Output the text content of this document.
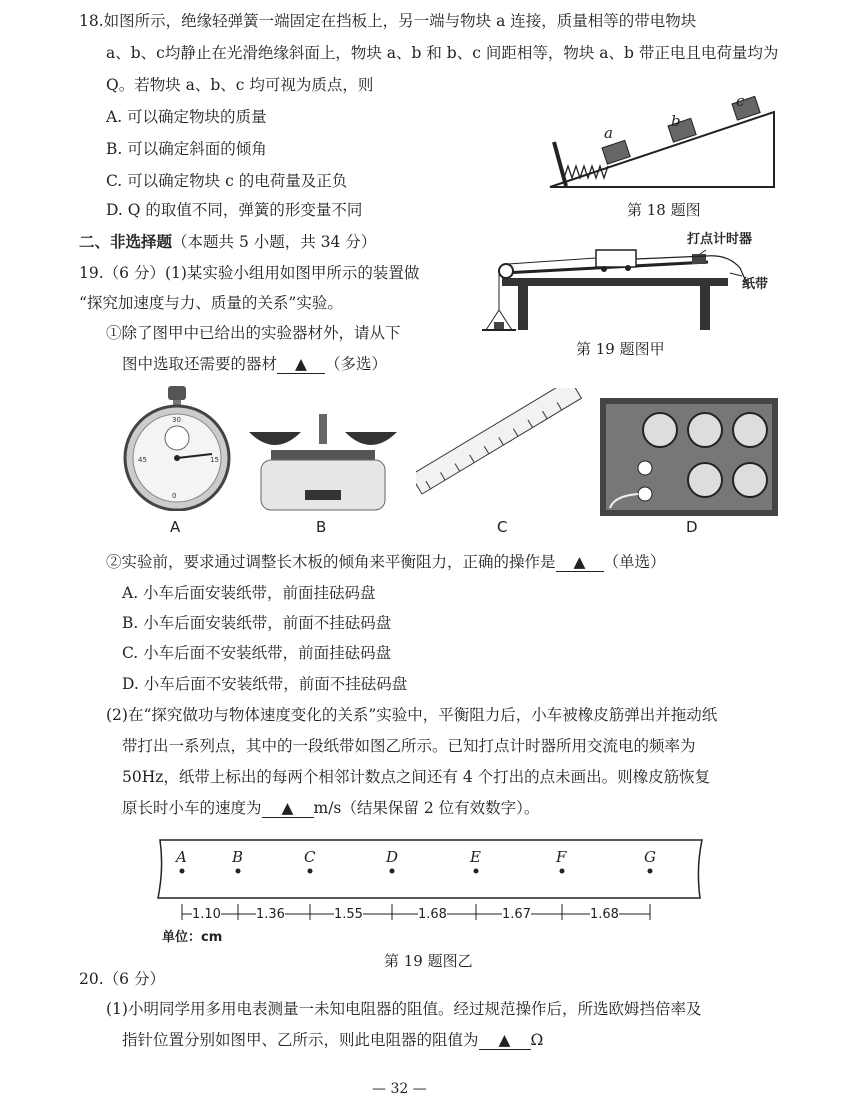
18.如图所示，绝缘轻弹簧一端固定在挡板上，另一端与物块 a 连接，质量相等的带电物块
a、b、c均静止在光滑绝缘斜面上，物块 a、b 和 b、c 间距相等，物块 a、b 带正电且电荷量均为
Q。若物块 a、b、c 均可视为质点，则
A. 可以确定物块的质量
B. 可以确定斜面的倾角
C. 可以确定物块 c 的电荷量及正负
D. Q 的取值不同，弹簧的形变量不同
a
b
c
第 18 题图
二、非选择题（本题共 5 小题，共 34 分）
19.（6 分）(1)某实验小组用如图甲所示的装置做
“探究加速度与力、质量的关系”实验。
①除了图甲中已给出的实验器材外，请从下
图中选取还需要的器材 ▲ （多选）
打点计时器
纸带
第 19 题图甲
30
15
45
0
A	B	C	D
②实验前，要求通过调整长木板的倾角来平衡阻力，正确的操作是 ▲ （单选）
A. 小车后面安装纸带，前面挂砝码盘
B. 小车后面安装纸带，前面不挂砝码盘
C. 小车后面不安装纸带，前面挂砝码盘
D. 小车后面不安装纸带，前面不挂砝码盘
(2)在“探究做功与物体速度变化的关系”实验中，平衡阻力后，小车被橡皮筋弹出并拖动纸
带打出一系列点，其中的一段纸带如图乙所示。已知打点计时器所用交流电的频率为
50Hz，纸带上标出的每两个相邻计数点之间还有 4 个打出的点未画出。则橡皮筋恢复
原长时小车的速度为 ▲ m/s（结果保留 2 位有效数字）。
A	B	C	D	E	F	G
1.10	1.36	1.55	1.68	1.67	1.68
单位：cm
第 19 题图乙
20.（6 分）
(1)小明同学用多用电表测量一未知电阻器的阻值。经过规范操作后，所选欧姆挡倍率及
指针位置分别如图甲、乙所示，则此电阻器的阻值为 ▲ Ω
— 32 —
